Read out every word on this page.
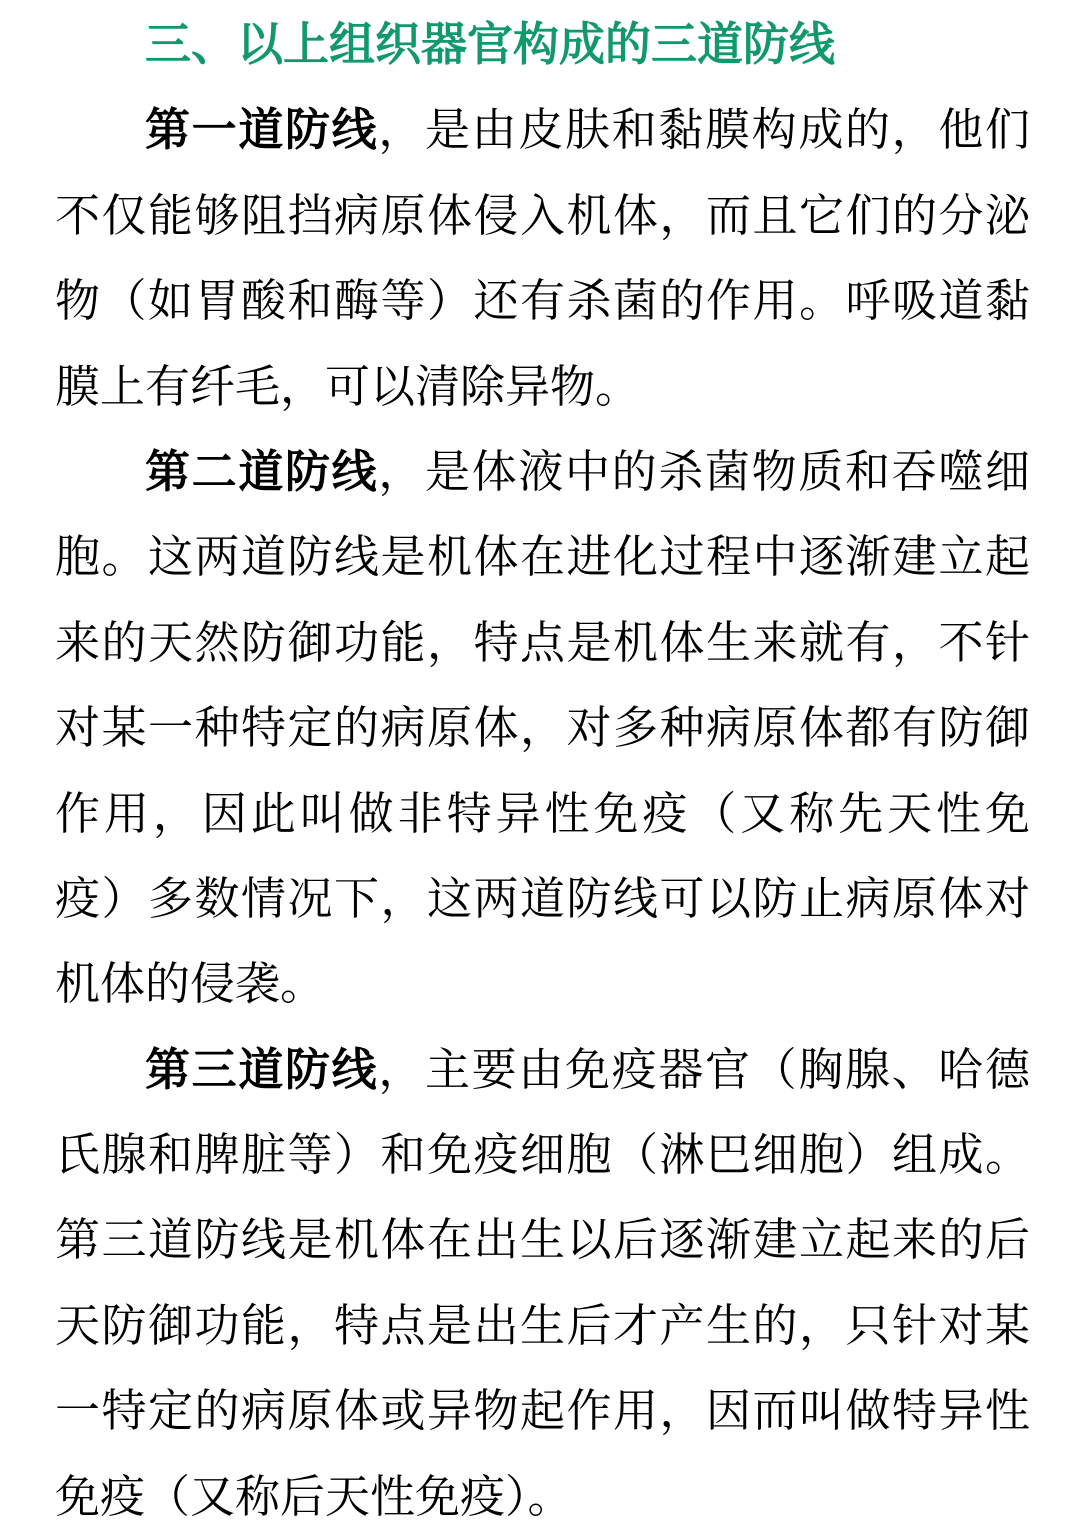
三、以上组织器官构成的三道防线
第一道防线，是由皮肤和黏膜构成的，他们
不仅能够阻挡病原体侵入机体，而且它们的分泌
物（如胃酸和酶等）还有杀菌的作用。呼吸道黏
膜上有纤毛，可以清除异物。
第二道防线，是体液中的杀菌物质和吞噬细
胞。这两道防线是机体在进化过程中逐渐建立起
来的天然防御功能，特点是机体生来就有，不针
对某一种特定的病原体，对多种病原体都有防御
作用，因此叫做非特异性免疫（又称先天性免
疫）多数情况下，这两道防线可以防止病原体对
机体的侵袭。
第三道防线，主要由免疫器官（胸腺、哈德
氏腺和脾脏等）和免疫细胞（淋巴细胞）组成。
第三道防线是机体在出生以后逐渐建立起来的后
天防御功能，特点是出生后才产生的，只针对某
一特定的病原体或异物起作用，因而叫做特异性
免疫（又称后天性免疫）。
